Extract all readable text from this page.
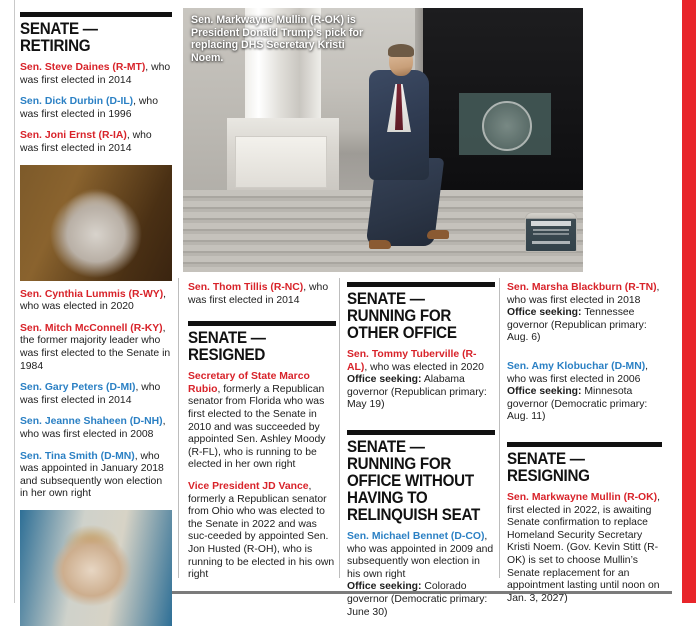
Sen. Markwayne Mullin (R-OK) is President Donald Trump’s pick for replacing DHS Secretary Kristi Noem.
SENATE — RETIRING

Sen. Steve Daines (R-MT), who was first elected in 2014

Sen. Dick Durbin (D-IL), who was first elected in 1996

Sen. Joni Ernst (R-IA), who was first elected in 2014

Sen. Cynthia Lummis (R-WY), who was elected in 2020

Sen. Mitch McConnell (R-KY), the former majority leader who was first elected to the Senate in 1984

Sen. Gary Peters (D-MI), who was first elected in 2014

Sen. Jeanne Shaheen (D-NH), who was first elected in 2008

Sen. Tina Smith (D-MN), who was appointed in January 2018 and subsequently won election in her own right

Sen. Thom Tillis (R-NC), who was first elected in 2014

SENATE — RESIGNED

Secretary of State Marco Rubio, formerly a Republican senator from Florida who was first elected to the Senate in 2010 and was succeeded by appointed Sen. Ashley Moody (R-FL), who is running to be elected in her own right

Vice President JD Vance, formerly a Republican senator from Ohio who was elected to the Senate in 2022 and was suc-ceeded by appointed Sen. Jon Husted (R-OH), who is running to be elected in his own right

SENATE — RUNNING FOR OTHER OFFICE

Sen. Tommy Tuberville (R-AL), who was elected in 2020
Office seeking: Alabama governor (Republican primary: May 19)

SENATE — RUNNING FOR OFFICE WITHOUT HAVING TO RELINQUISH SEAT

Sen. Michael Bennet (D-CO), who was appointed in 2009 and subsequently won election in his own right
Office seeking: Colorado governor (Democratic primary: June 30)

Sen. Marsha Blackburn (R-TN), who was first elected in 2018
Office seeking: Tennessee governor (Republican primary: Aug. 6)

Sen. Amy Klobuchar (D-MN), who was first elected in 2006
Office seeking: Minnesota governor (Democratic primary: Aug. 11)

SENATE — RESIGNING

Sen. Markwayne Mullin (R-OK), first elected in 2022, is awaiting Senate confirmation to replace Homeland Security Secretary Kristi Noem. (Gov. Kevin Stitt (R-OK) is set to choose Mullin’s Senate replacement for an appointment lasting until noon on Jan. 3, 2027)
